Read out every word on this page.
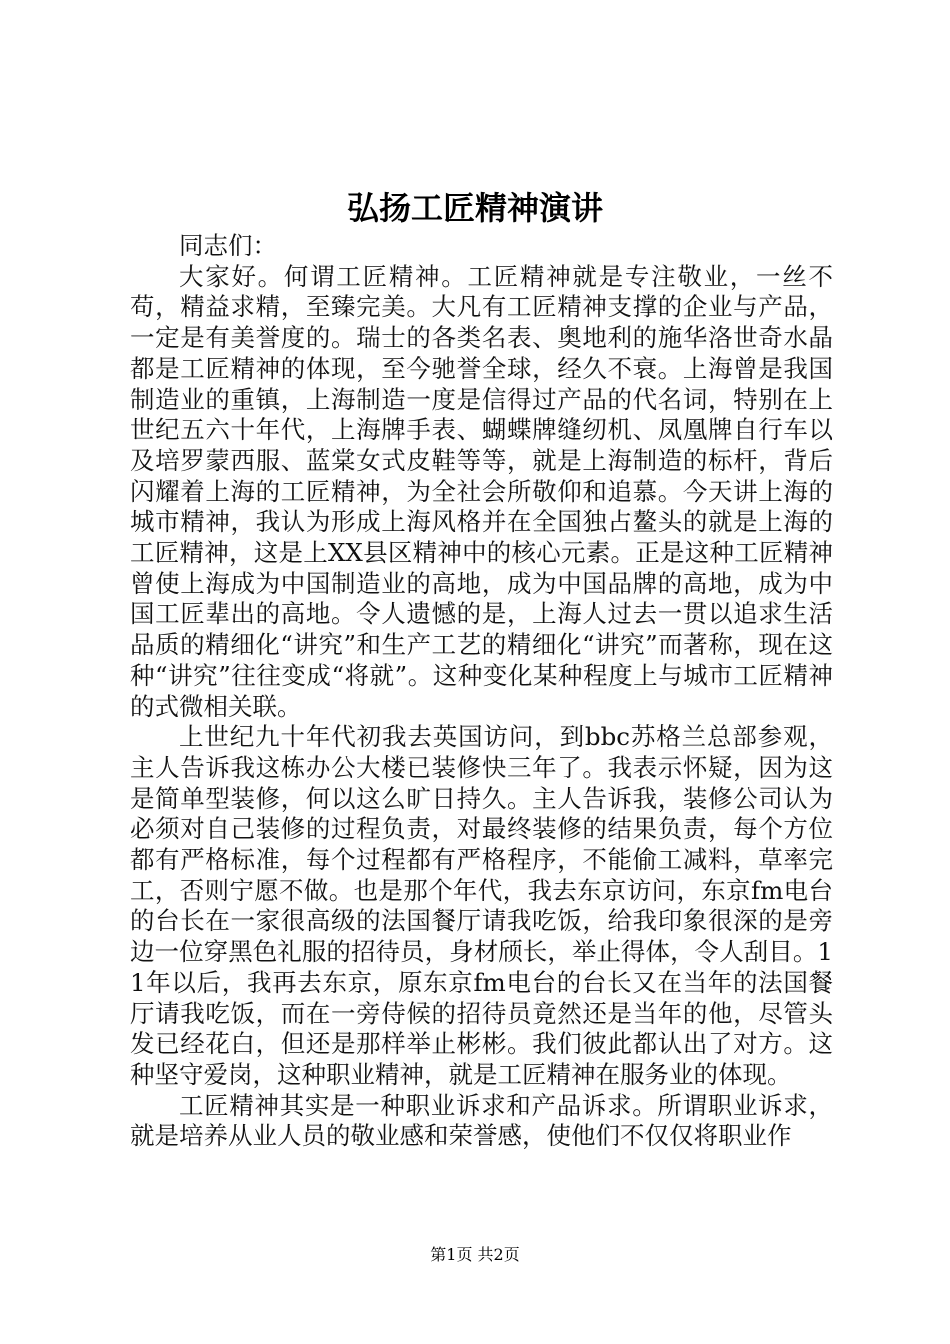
弘扬工匠精神演讲

同志们：

大家好。何谓工匠精神。工匠精神就是专注敬业，一丝不苟，精益求精，至臻完美。大凡有工匠精神支撑的企业与产品，一定是有美誉度的。瑞士的各类名表、奥地利的施华洛世奇水晶都是工匠精神的体现，至今驰誉全球，经久不衰。上海曾是我国制造业的重镇，上海制造一度是信得过产品的代名词，特别在上世纪五六十年代，上海牌手表、蝴蝶牌缝纫机、凤凰牌自行车以及培罗蒙西服、蓝棠女式皮鞋等等，就是上海制造的标杆，背后闪耀着上海的工匠精神，为全社会所敬仰和追慕。今天讲上海的城市精神，我认为形成上海风格并在全国独占鳌头的就是上海的工匠精神，这是上XX县区精神中的核心元素。正是这种工匠精神曾使上海成为中国制造业的高地，成为中国品牌的高地，成为中国工匠辈出的高地。令人遗憾的是，上海人过去一贯以追求生活品质的精细化“讲究”和生产工艺的精细化“讲究”而著称，现在这种“讲究”往往变成“将就”。这种变化某种程度上与城市工匠精神的式微相关联。

上世纪九十年代初我去英国访问，到bbc苏格兰总部参观，主人告诉我这栋办公大楼已装修快三年了。我表示怀疑，因为这是简单型装修，何以这么旷日持久。主人告诉我，装修公司认为必须对自己装修的过程负责，对最终装修的结果负责，每个方位都有严格标准，每个过程都有严格程序，不能偷工减料，草率完工，否则宁愿不做。也是那个年代，我去东京访问，东京fm电台的台长在一家很高级的法国餐厅请我吃饭，给我印象很深的是旁边一位穿黑色礼服的招待员，身材颀长，举止得体，令人刮目。11年以后，我再去东京，原东京fm电台的台长又在当年的法国餐厅请我吃饭，而在一旁侍候的招待员竟然还是当年的他，尽管头发已经花白，但还是那样举止彬彬。我们彼此都认出了对方。这种坚守爱岗，这种职业精神，就是工匠精神在服务业的体现。

工匠精神其实是一种职业诉求和产品诉求。所谓职业诉求，就是培养从业人员的敬业感和荣誉感，使他们不仅仅将职业作

第1页 共2页
